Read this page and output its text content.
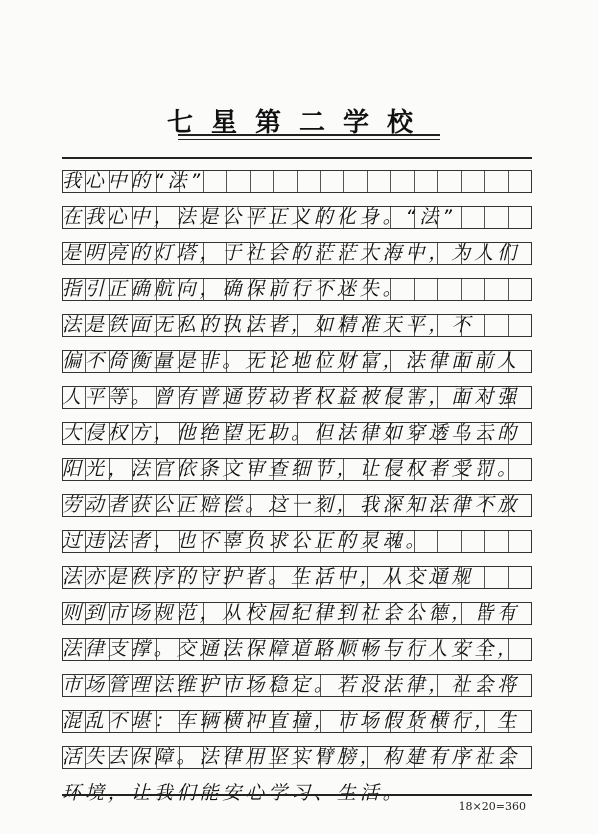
七星第二学校
我心中的“法”
在我心中，法是公平正义的化身。“法”
是明亮的灯塔，于社会的茫茫大海中，为人们
指引正确航向，确保前行不迷失。
法是铁面无私的执法者，如精准天平，不
偏不倚衡量是非。无论地位财富，法律面前人
人平等。曾有普通劳动者权益被侵害，面对强
大侵权方，他绝望无助。但法律如穿透乌云的
阳光，法官依条文审查细节，让侵权者受罚。
劳动者获公正赔偿。这一刻，我深知法律不放
过违法者，也不辜负求公正的灵魂。
法亦是秩序的守护者。生活中，从交通规
则到市场规范，从校园纪律到社会公德，皆有
法律支撑。交通法保障道路顺畅与行人安全，
市场管理法维护市场稳定。若没法律，社会将
混乱不堪：车辆横冲直撞，市场假货横行，生
活失去保障。法律用坚实臂膀，构建有序社会
环境，让我们能安心学习、生活。
18×20=360
